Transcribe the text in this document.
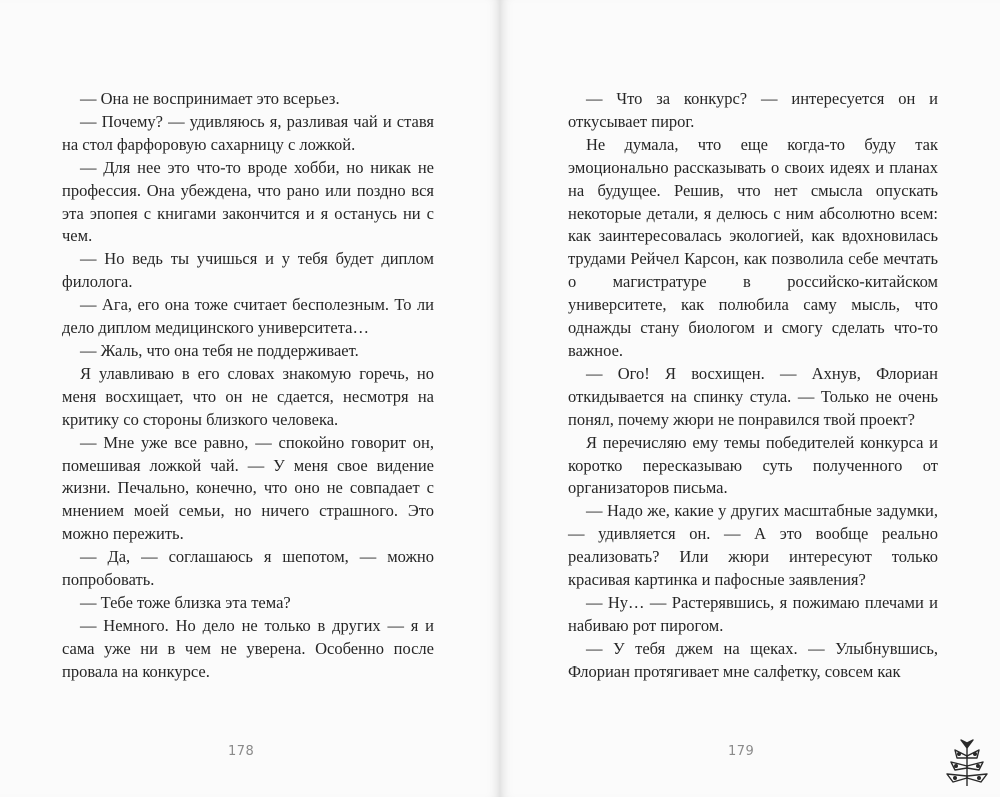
— Она не воспринимает это всерьез.

— Почему? — удивляюсь я, разливая чай и ставя на стол фарфоровую сахарницу с ложкой.

— Для нее это что-то вроде хобби, но никак не профессия. Она убеждена, что рано или поздно вся эта эпопея с книгами закончится и я останусь ни с чем.

— Но ведь ты учишься и у тебя будет диплом филолога.

— Ага, его она тоже считает бесполезным. То ли дело диплом медицинского университета…

— Жаль, что она тебя не поддерживает.

Я улавливаю в его словах знакомую горечь, но меня восхищает, что он не сдается, несмотря на критику со стороны близкого человека.

— Мне уже все равно, — спокойно говорит он, помешивая ложкой чай. — У меня свое видение жизни. Печально, конечно, что оно не совпадает с мнением моей семьи, но ничего страшного. Это можно пережить.

— Да, — соглашаюсь я шепотом, — можно попробовать.

— Тебе тоже близка эта тема?

— Немного. Но дело не только в других — я и сама уже ни в чем не уверена. Особенно после провала на конкурсе.

178

— Что за конкурс? — интересуется он и откусывает пирог.

Не думала, что еще когда-то буду так эмоционально рассказывать о своих идеях и планах на будущее. Решив, что нет смысла опускать некоторые детали, я делюсь с ним абсолютно всем: как заинтересовалась экологией, как вдохновилась трудами Рейчел Карсон, как позволила себе мечтать о магистратуре в российско-китайском университете, как полюбила саму мысль, что однажды стану биологом и смогу сделать что-то важное.

— Ого! Я восхищен. — Ахнув, Флориан откидывается на спинку стула. — Только не очень понял, почему жюри не понравился твой проект?

Я перечисляю ему темы победителей конкурса и коротко пересказываю суть полученного от организаторов письма.

— Надо же, какие у других масштабные задумки, — удивляется он. — А это вообще реально реализовать? Или жюри интересуют только красивая картинка и пафосные заявления?

— Ну… — Растерявшись, я пожимаю плечами и набиваю рот пирогом.

— У тебя джем на щеках. — Улыбнувшись, Флориан протягивает мне салфетку, совсем как

179
